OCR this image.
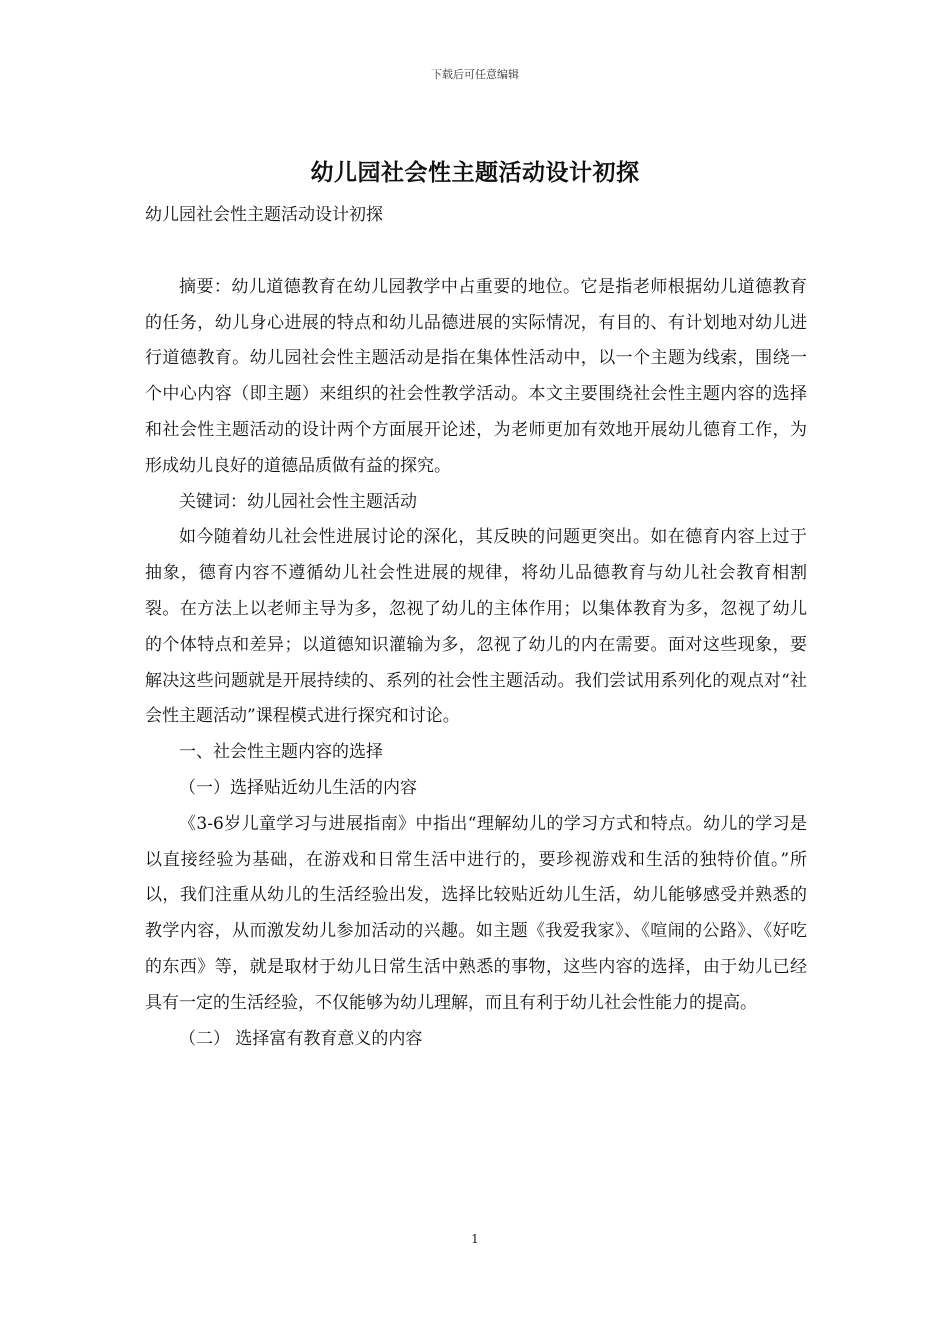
下载后可任意编辑
幼儿园社会性主题活动设计初探

幼儿园社会性主题活动设计初探

摘要：幼儿道德教育在幼儿园教学中占重要的地位。它是指老师根据幼儿道德教育的任务，幼儿身心进展的特点和幼儿品德进展的实际情况，有目的、有计划地对幼儿进行道德教育。幼儿园社会性主题活动是指在集体性活动中，以一个主题为线索，围绕一个中心内容（即主题）来组织的社会性教学活动。本文主要围绕社会性主题内容的选择和社会性主题活动的设计两个方面展开论述，为老师更加有效地开展幼儿德育工作，为形成幼儿良好的道德品质做有益的探究。

关键词：幼儿园社会性主题活动

如今随着幼儿社会性进展讨论的深化，其反映的问题更突出。如在德育内容上过于抽象，德育内容不遵循幼儿社会性进展的规律，将幼儿品德教育与幼儿社会教育相割裂。在方法上以老师主导为多，忽视了幼儿的主体作用；以集体教育为多，忽视了幼儿的个体特点和差异；以道德知识灌输为多，忽视了幼儿的内在需要。面对这些现象，要解决这些问题就是开展持续的、系列的社会性主题活动。我们尝试用系列化的观点对“社会性主题活动”课程模式进行探究和讨论。

一、社会性主题内容的选择

（一）选择贴近幼儿生活的内容

《3-6岁儿童学习与进展指南》中指出“理解幼儿的学习方式和特点。幼儿的学习是以直接经验为基础，在游戏和日常生活中进行的，要珍视游戏和生活的独特价值。”所以，我们注重从幼儿的生活经验出发，选择比较贴近幼儿生活，幼儿能够感受并熟悉的教学内容，从而激发幼儿参加活动的兴趣。如主题《我爱我家》、《喧闹的公路》、《好吃的东西》等，就是取材于幼儿日常生活中熟悉的事物，这些内容的选择，由于幼儿已经具有一定的生活经验，不仅能够为幼儿理解，而且有利于幼儿社会性能力的提高。

（二） 选择富有教育意义的内容

1
